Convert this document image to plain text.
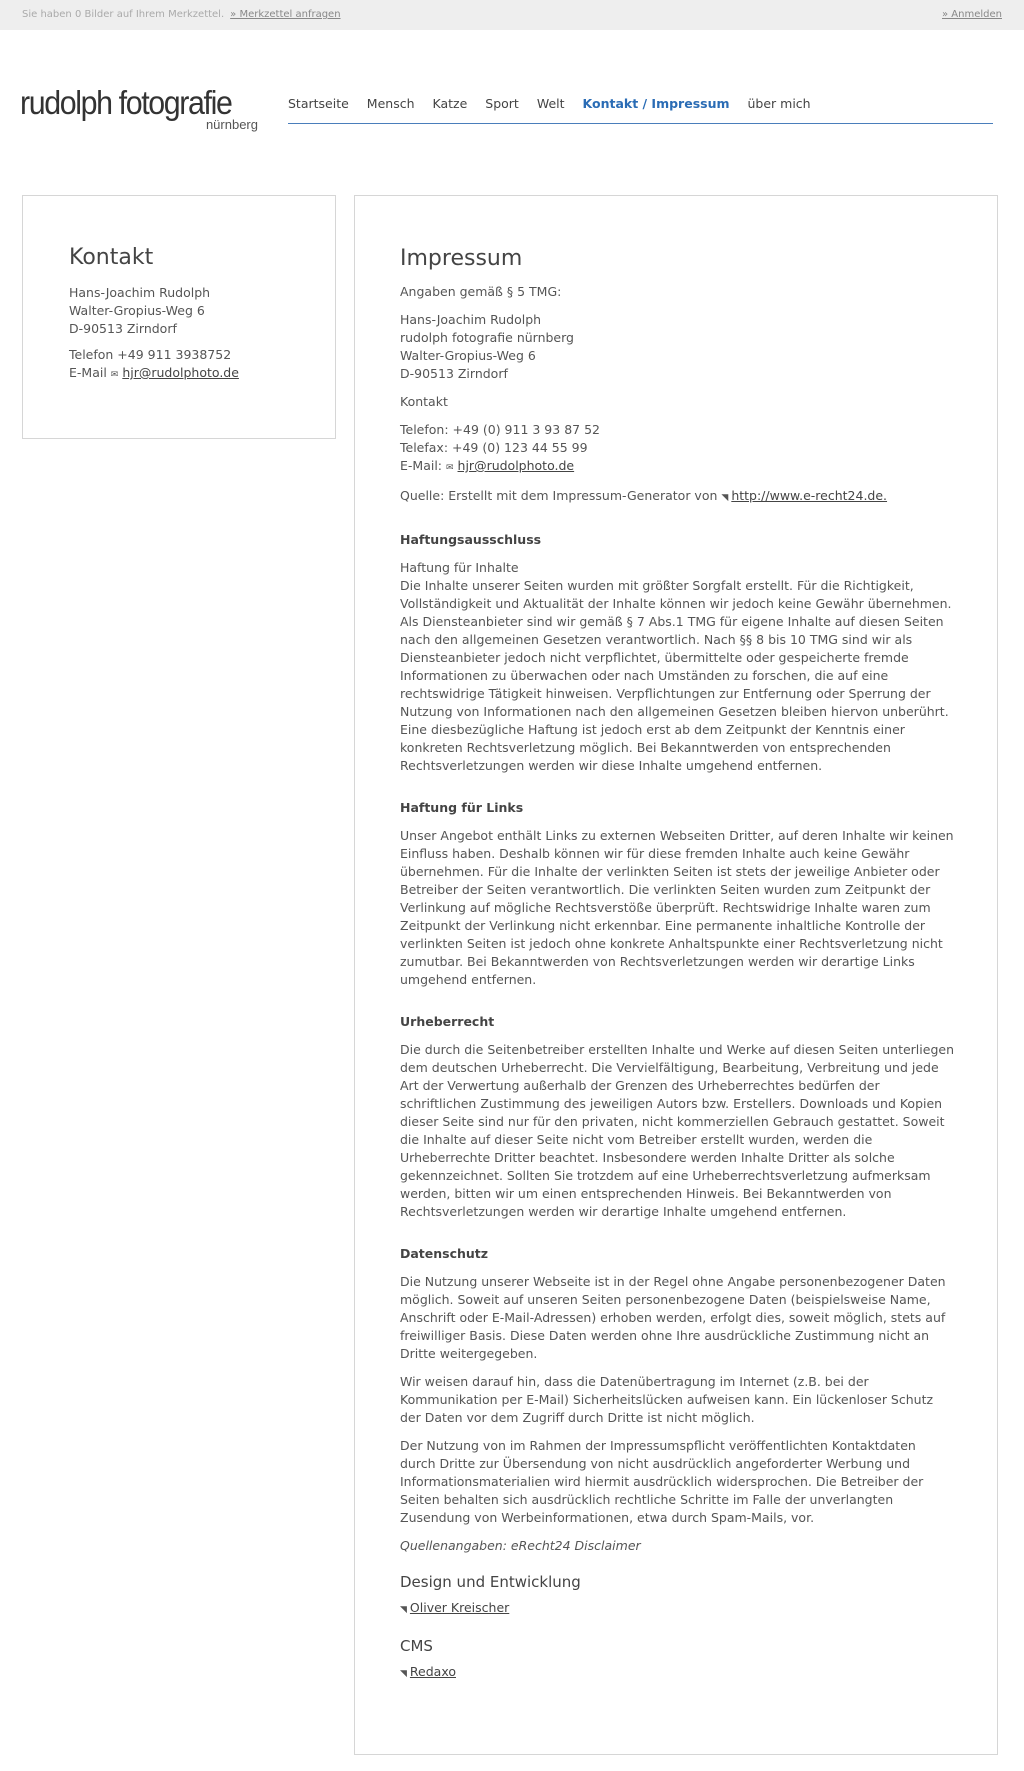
Sie haben 0 Bilder auf Ihrem Merkzettel. » Merkzettel anfragen	» Anmelden
rudolph fotografie
nürnberg
Startseite Mensch Katze Sport Welt Kontakt / Impressum über mich
Kontakt
Hans-Joachim Rudolph
Walter-Gropius-Weg 6
D-90513 Zirndorf
Telefon +49 911 3938752
E-Mail ✉ hjr@rudolphoto.de
Impressum

Angaben gemäß § 5 TMG:

Hans-Joachim Rudolph
rudolph fotografie nürnberg
Walter-Gropius-Weg 6
D-90513 Zirndorf

Kontakt

Telefon: +49 (0) 911 3 93 87 52
Telefax: +49 (0) 123 44 55 99
E-Mail: ✉ hjr@rudolphoto.de

Quelle: Erstellt mit dem Impressum-Generator von ◥ http://www.e-recht24.de.

Haftungsausschluss

Haftung für Inhalte
Die Inhalte unserer Seiten wurden mit größter Sorgfalt erstellt. Für die Richtigkeit, Vollständigkeit und Aktualität der Inhalte können wir jedoch keine Gewähr übernehmen. Als Diensteanbieter sind wir gemäß § 7 Abs.1 TMG für eigene Inhalte auf diesen Seiten nach den allgemeinen Gesetzen verantwortlich. Nach §§ 8 bis 10 TMG sind wir als Diensteanbieter jedoch nicht verpflichtet, übermittelte oder gespeicherte fremde Informationen zu überwachen oder nach Umständen zu forschen, die auf eine rechtswidrige Tätigkeit hinweisen. Verpflichtungen zur Entfernung oder Sperrung der Nutzung von Informationen nach den allgemeinen Gesetzen bleiben hiervon unberührt. Eine diesbezügliche Haftung ist jedoch erst ab dem Zeitpunkt der Kenntnis einer konkreten Rechtsverletzung möglich. Bei Bekanntwerden von entsprechenden Rechtsverletzungen werden wir diese Inhalte umgehend entfernen.

Haftung für Links

Unser Angebot enthält Links zu externen Webseiten Dritter, auf deren Inhalte wir keinen Einfluss haben. Deshalb können wir für diese fremden Inhalte auch keine Gewähr übernehmen. Für die Inhalte der verlinkten Seiten ist stets der jeweilige Anbieter oder Betreiber der Seiten verantwortlich. Die verlinkten Seiten wurden zum Zeitpunkt der Verlinkung auf mögliche Rechtsverstöße überprüft. Rechtswidrige Inhalte waren zum Zeitpunkt der Verlinkung nicht erkennbar. Eine permanente inhaltliche Kontrolle der verlinkten Seiten ist jedoch ohne konkrete Anhaltspunkte einer Rechtsverletzung nicht zumutbar. Bei Bekanntwerden von Rechtsverletzungen werden wir derartige Links umgehend entfernen.

Urheberrecht

Die durch die Seitenbetreiber erstellten Inhalte und Werke auf diesen Seiten unterliegen dem deutschen Urheberrecht. Die Vervielfältigung, Bearbeitung, Verbreitung und jede Art der Verwertung außerhalb der Grenzen des Urheberrechtes bedürfen der schriftlichen Zustimmung des jeweiligen Autors bzw. Erstellers. Downloads und Kopien dieser Seite sind nur für den privaten, nicht kommerziellen Gebrauch gestattet. Soweit die Inhalte auf dieser Seite nicht vom Betreiber erstellt wurden, werden die Urheberrechte Dritter beachtet. Insbesondere werden Inhalte Dritter als solche gekennzeichnet. Sollten Sie trotzdem auf eine Urheberrechtsverletzung aufmerksam werden, bitten wir um einen entsprechenden Hinweis. Bei Bekanntwerden von Rechtsverletzungen werden wir derartige Inhalte umgehend entfernen.

Datenschutz

Die Nutzung unserer Webseite ist in der Regel ohne Angabe personenbezogener Daten möglich. Soweit auf unseren Seiten personenbezogene Daten (beispielsweise Name, Anschrift oder E-Mail-Adressen) erhoben werden, erfolgt dies, soweit möglich, stets auf freiwilliger Basis. Diese Daten werden ohne Ihre ausdrückliche Zustimmung nicht an Dritte weitergegeben.

Wir weisen darauf hin, dass die Datenübertragung im Internet (z.B. bei der Kommunikation per E-Mail) Sicherheitslücken aufweisen kann. Ein lückenloser Schutz der Daten vor dem Zugriff durch Dritte ist nicht möglich.

Der Nutzung von im Rahmen der Impressumspflicht veröffentlichten Kontaktdaten durch Dritte zur Übersendung von nicht ausdrücklich angeforderter Werbung und Informationsmaterialien wird hiermit ausdrücklich widersprochen. Die Betreiber der Seiten behalten sich ausdrücklich rechtliche Schritte im Falle der unverlangten Zusendung von Werbeinformationen, etwa durch Spam-Mails, vor.

Quellenangaben: eRecht24 Disclaimer

Design und Entwicklung

◥ Oliver Kreischer

CMS

◥ Redaxo
